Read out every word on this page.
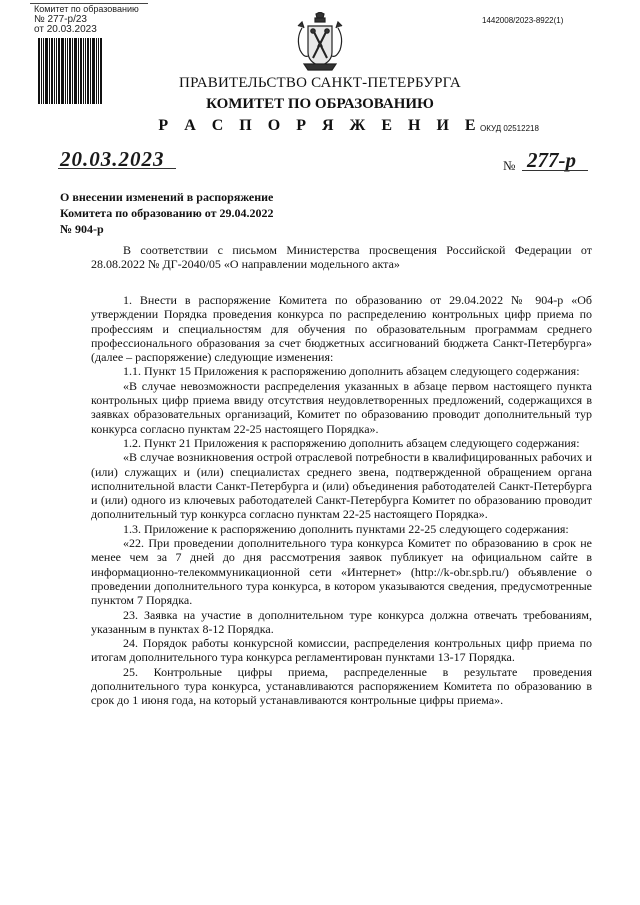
Комитет по образованию
№ 277-р/23
от 20.03.2023
1442008/2023-8922(1)
ПРАВИТЕЛЬСТВО САНКТ-ПЕТЕРБУРГА
КОМИТЕТ ПО ОБРАЗОВАНИЮ
Р А С П О Р Я Ж Е Н И Е
ОКУД 02512218
20.03.2023	№ 277-р
О внесении изменений в распоряжение
Комитета по образованию от 29.04.2022
№ 904-р

В соответствии с письмом Министерства просвещения Российской Федерации от 28.08.2022 № ДГ-2040/05 «О направлении модельного акта»

1. Внести в распоряжение Комитета по образованию от 29.04.2022 № 904-р «Об утверждении Порядка проведения конкурса по распределению контрольных цифр приема по профессиям и специальностям для обучения по образовательным программам среднего профессионального образования за счет бюджетных ассигнований бюджета Санкт-Петербурга» (далее – распоряжение) следующие изменения:

1.1. Пункт 15 Приложения к распоряжению дополнить абзацем следующего содержания:

«В случае невозможности распределения указанных в абзаце первом настоящего пункта контрольных цифр приема ввиду отсутствия неудовлетворенных предложений, содержащихся в заявках образовательных организаций, Комитет по образованию проводит дополнительный тур конкурса согласно пунктам 22-25 настоящего Порядка».

1.2. Пункт 21 Приложения к распоряжению дополнить абзацем следующего содержания:

«В случае возникновения острой отраслевой потребности в квалифицированных рабочих и (или) служащих и (или) специалистах среднего звена, подтвержденной обращением органа исполнительной власти Санкт-Петербурга и (или) объединения работодателей Санкт-Петербурга и (или) одного из ключевых работодателей Санкт-Петербурга Комитет по образованию проводит дополнительный тур конкурса согласно пунктам 22-25 настоящего Порядка».

1.3. Приложение к распоряжению дополнить пунктами 22-25 следующего содержания:

«22. При проведении дополнительного тура конкурса Комитет по образованию в срок не менее чем за 7 дней до дня рассмотрения заявок публикует на официальном сайте в информационно-телекоммуникационной сети «Интернет» (http://k-obr.spb.ru/) объявление о проведении дополнительного тура конкурса, в котором указываются сведения, предусмотренные пунктом 7 Порядка.

23. Заявка на участие в дополнительном туре конкурса должна отвечать требованиям, указанным в пунктах 8-12 Порядка.

24. Порядок работы конкурсной комиссии, распределения контрольных цифр приема по итогам дополнительного тура конкурса регламентирован пунктами 13-17 Порядка.

25. Контрольные цифры приема, распределенные в результате проведения дополнительного тура конкурса, устанавливаются распоряжением Комитета по образованию в срок до 1 июня года, на который устанавливаются контрольные цифры приема».
